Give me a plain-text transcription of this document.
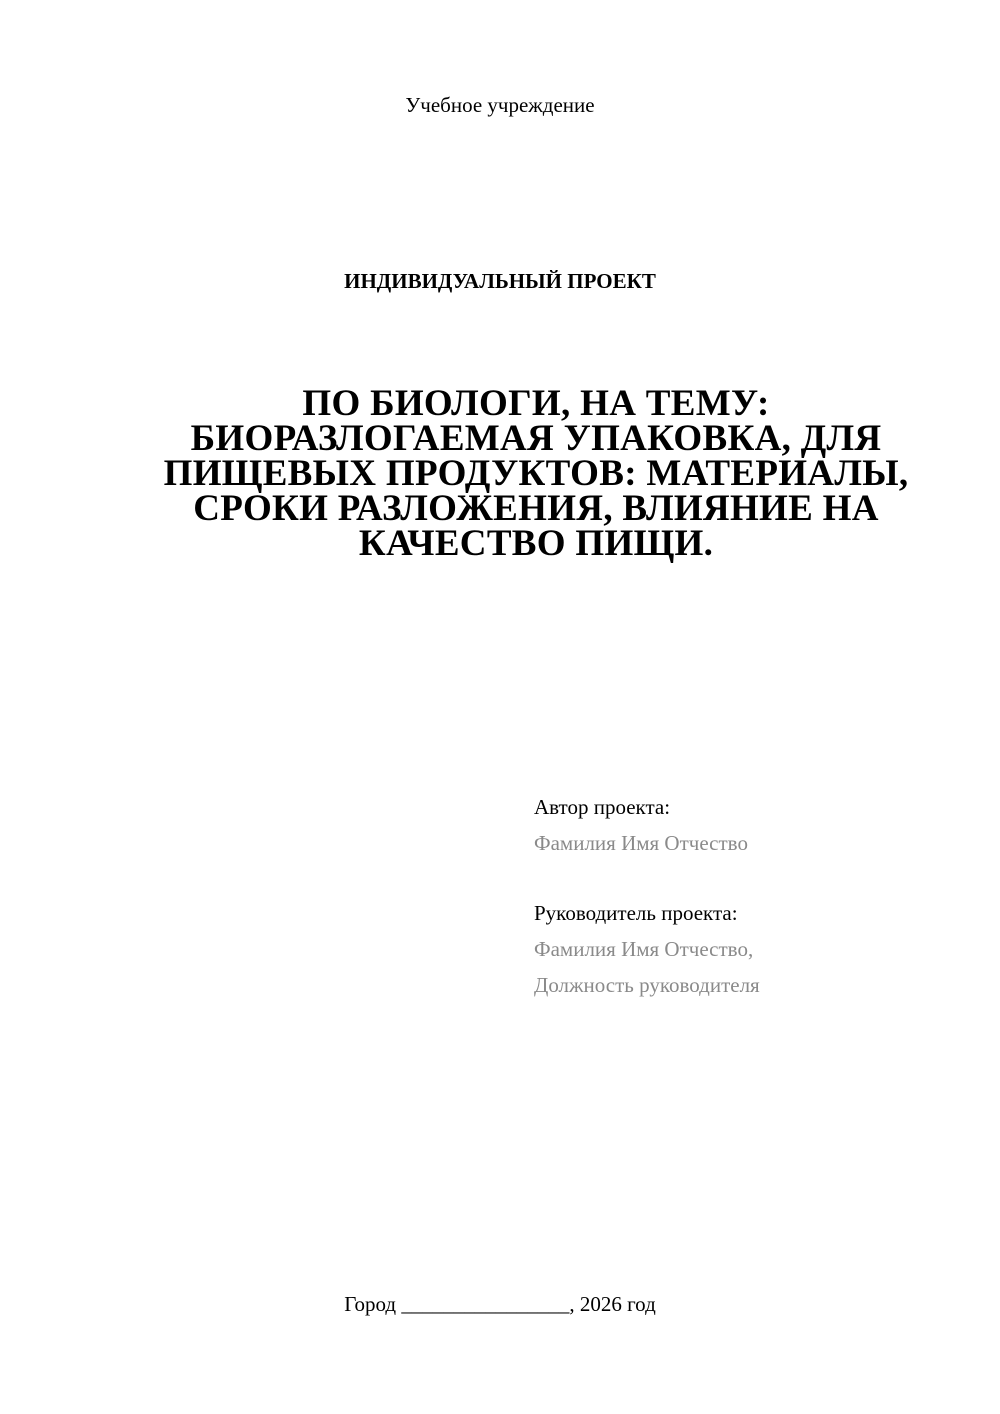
Учебное учреждение
ИНДИВИДУАЛЬНЫЙ ПРОЕКТ
ПО БИОЛОГИ, НА ТЕМУ:
БИОРАЗЛОГАЕМАЯ УПАКОВКА, ДЛЯ
ПИЩЕВЫХ ПРОДУКТОВ: МАТЕРИАЛЫ,
СРОКИ РАЗЛОЖЕНИЯ, ВЛИЯНИЕ НА
КАЧЕСТВО ПИЩИ.
Автор проекта:
Фамилия Имя Отчество
Руководитель проекта:
Фамилия Имя Отчество,
Должность руководителя
Город ________________, 2026 год
